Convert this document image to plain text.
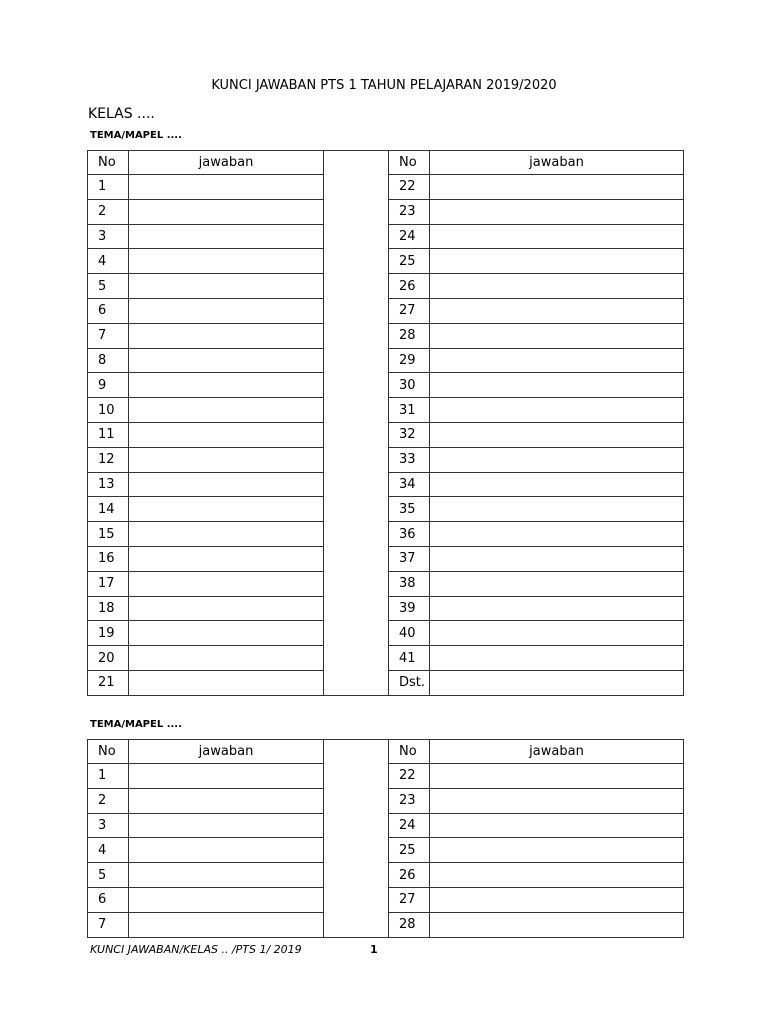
KUNCI JAWABAN PTS 1 TAHUN PELAJARAN 2019/2020
KELAS ....
TEMA/MAPEL ....
No	jawaban		No	jawaban
1			22	
2			23	
3			24	
4			25	
5			26	
6			27	
7			28	
8			29	
9			30	
10			31	
11			32	
12			33	
13			34	
14			35	
15			36	
16			37	
17			38	
18			39	
19			40	
20			41	
21			Dst.	
TEMA/MAPEL ....
No	jawaban		No	jawaban
1			22	
2			23	
3			24	
4			25	
5			26	
6			27	
7			28	
KUNCI JAWABAN/KELAS .. /PTS 1/ 2019	1
